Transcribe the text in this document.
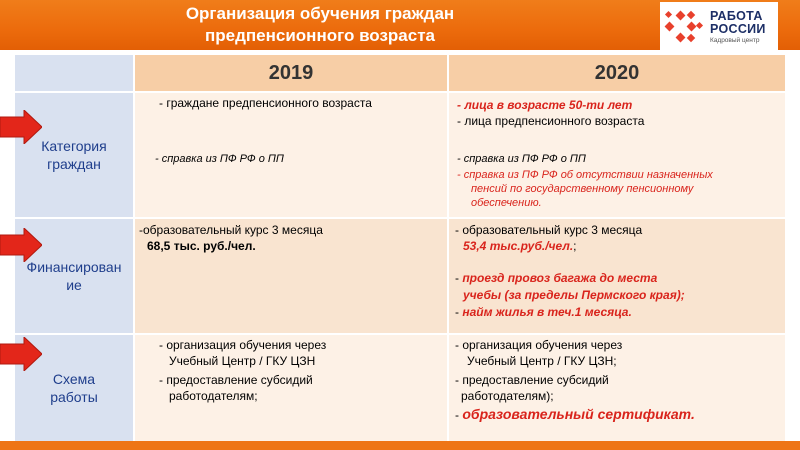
Организация обучения граждан
предпенсионного возраста
РАБОТА
РОССИИ
Кадровый центр
2019	2020
Категория граждан
- граждане предпенсионного возраста
- справка из ПФ РФ о ПП
- лица в возрасте 50-ти лет
- лица предпенсионного возраста
- справка из ПФ РФ о ПП
- справка из ПФ РФ об отсутствии назначенных
пенсий по государственному пенсионному
обеспечению.
Финансирование
-образовательный курс 3 месяца
68,5 тыс. руб./чел.
- образовательный курс 3 месяца
53,4 тыс.руб./чел.;
- проезд провоз багажа до места
учебы (за пределы Пермского края);
- найм жилья в теч.1 месяца.
Схема работы
- организация обучения через
Учебный Центр / ГКУ ЦЗН
- предоставление субсидий
работодателям;
- организация обучения через
Учебный Центр / ГКУ ЦЗН;
- предоставление субсидий
работодателям);
- образовательный сертификат.
